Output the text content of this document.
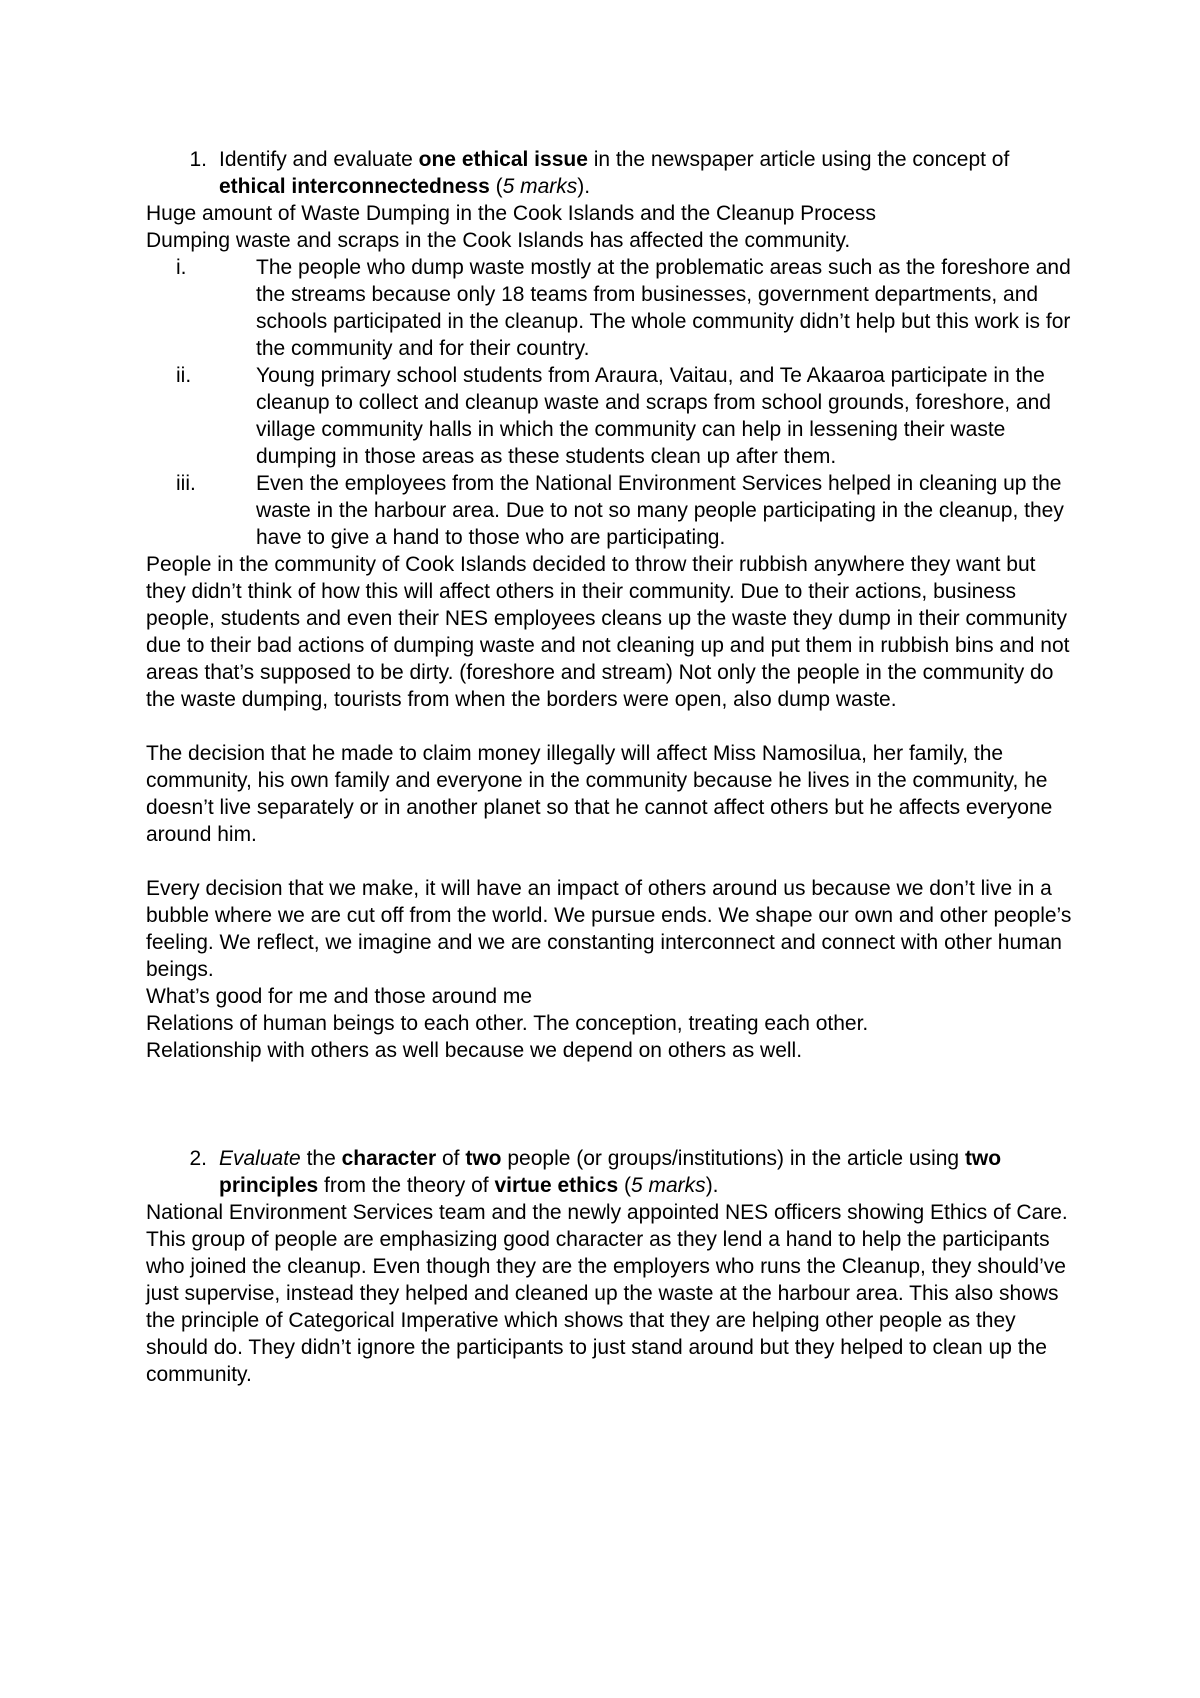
1. Identify and evaluate one ethical issue in the newspaper article using the concept of ethical interconnectedness (5 marks).

Huge amount of Waste Dumping in the Cook Islands and the Cleanup Process

Dumping waste and scraps in the Cook Islands has affected the community.

i.	The people who dump waste mostly at the problematic areas such as the foreshore and the streams because only 18 teams from businesses, government departments, and schools participated in the cleanup. The whole community didn’t help but this work is for the community and for their country.
ii.	Young primary school students from Araura, Vaitau, and Te Akaaroa participate in the cleanup to collect and cleanup waste and scraps from school grounds, foreshore, and village community halls in which the community can help in lessening their waste dumping in those areas as these students clean up after them.
iii.	Even the employees from the National Environment Services helped in cleaning up the waste in the harbour area. Due to not so many people participating in the cleanup, they have to give a hand to those who are participating.

People in the community of Cook Islands decided to throw their rubbish anywhere they want but they didn’t think of how this will affect others in their community. Due to their actions, business people, students and even their NES employees cleans up the waste they dump in their community due to their bad actions of dumping waste and not cleaning up and put them in rubbish bins and not areas that’s supposed to be dirty. (foreshore and stream) Not only the people in the community do the waste dumping, tourists from when the borders were open, also dump waste.

The decision that he made to claim money illegally will affect Miss Namosilua, her family, the community, his own family and everyone in the community because he lives in the community, he doesn’t live separately or in another planet so that he cannot affect others but he affects everyone around him.

Every decision that we make, it will have an impact of others around us because we don’t live in a bubble where we are cut off from the world. We pursue ends. We shape our own and other people’s feeling. We reflect, we imagine and we are constanting interconnect and connect with other human beings.

What’s good for me and those around me

Relations of human beings to each other. The conception, treating each other.

Relationship with others as well because we depend on others as well.

2. Evaluate the character of two people (or groups/institutions) in the article using two principles from the theory of virtue ethics (5 marks).

National Environment Services team and the newly appointed NES officers showing Ethics of Care.

This group of people are emphasizing good character as they lend a hand to help the participants who joined the cleanup. Even though they are the employers who runs the Cleanup, they should’ve just supervise, instead they helped and cleaned up the waste at the harbour area. This also shows the principle of Categorical Imperative which shows that they are helping other people as they should do. They didn’t ignore the participants to just stand around but they helped to clean up the community.
